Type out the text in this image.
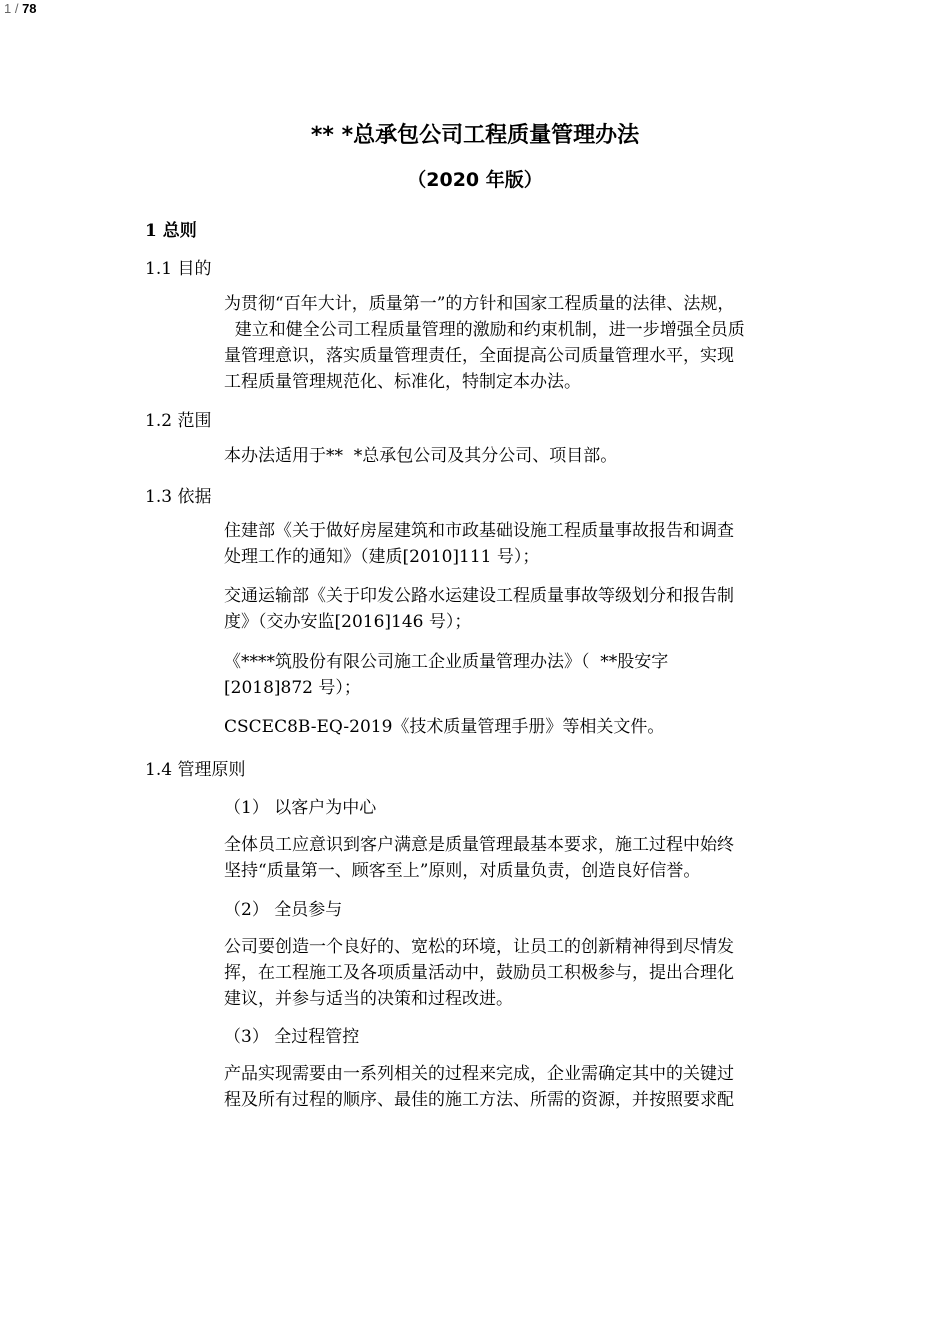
1 / 78
** *总承包公司工程质量管理办法
（2020 年版）
1 总则
1.1 目的
为贯彻“百年大计，质量第一”的方针和国家工程质量的法律、法规，
建立和健全公司工程质量管理的激励和约束机制，进一步增强全员质
量管理意识，落实质量管理责任，全面提高公司质量管理水平，实现
工程质量管理规范化、标准化，特制定本办法。
1.2 范围
本办法适用于**  *总承包公司及其分公司、项目部。
1.3 依据
住建部《关于做好房屋建筑和市政基础设施工程质量事故报告和调查
处理工作的通知》（建质[2010]111 号）；
交通运输部《关于印发公路水运建设工程质量事故等级划分和报告制
度》（交办安监[2016]146 号）；
《****筑股份有限公司施工企业质量管理办法》（  **股安字
[2018]872 号）；
CSCEC8B-EQ-2019《技术质量管理手册》等相关文件。
1.4 管理原则
（1） 以客户为中心
全体员工应意识到客户满意是质量管理最基本要求，施工过程中始终
坚持“质量第一、顾客至上”原则，对质量负责，创造良好信誉。
（2） 全员参与
公司要创造一个良好的、宽松的环境，让员工的创新精神得到尽情发
挥，在工程施工及各项质量活动中，鼓励员工积极参与，提出合理化
建议，并参与适当的决策和过程改进。
（3） 全过程管控
产品实现需要由一系列相关的过程来完成，企业需确定其中的关键过
程及所有过程的顺序、最佳的施工方法、所需的资源，并按照要求配
